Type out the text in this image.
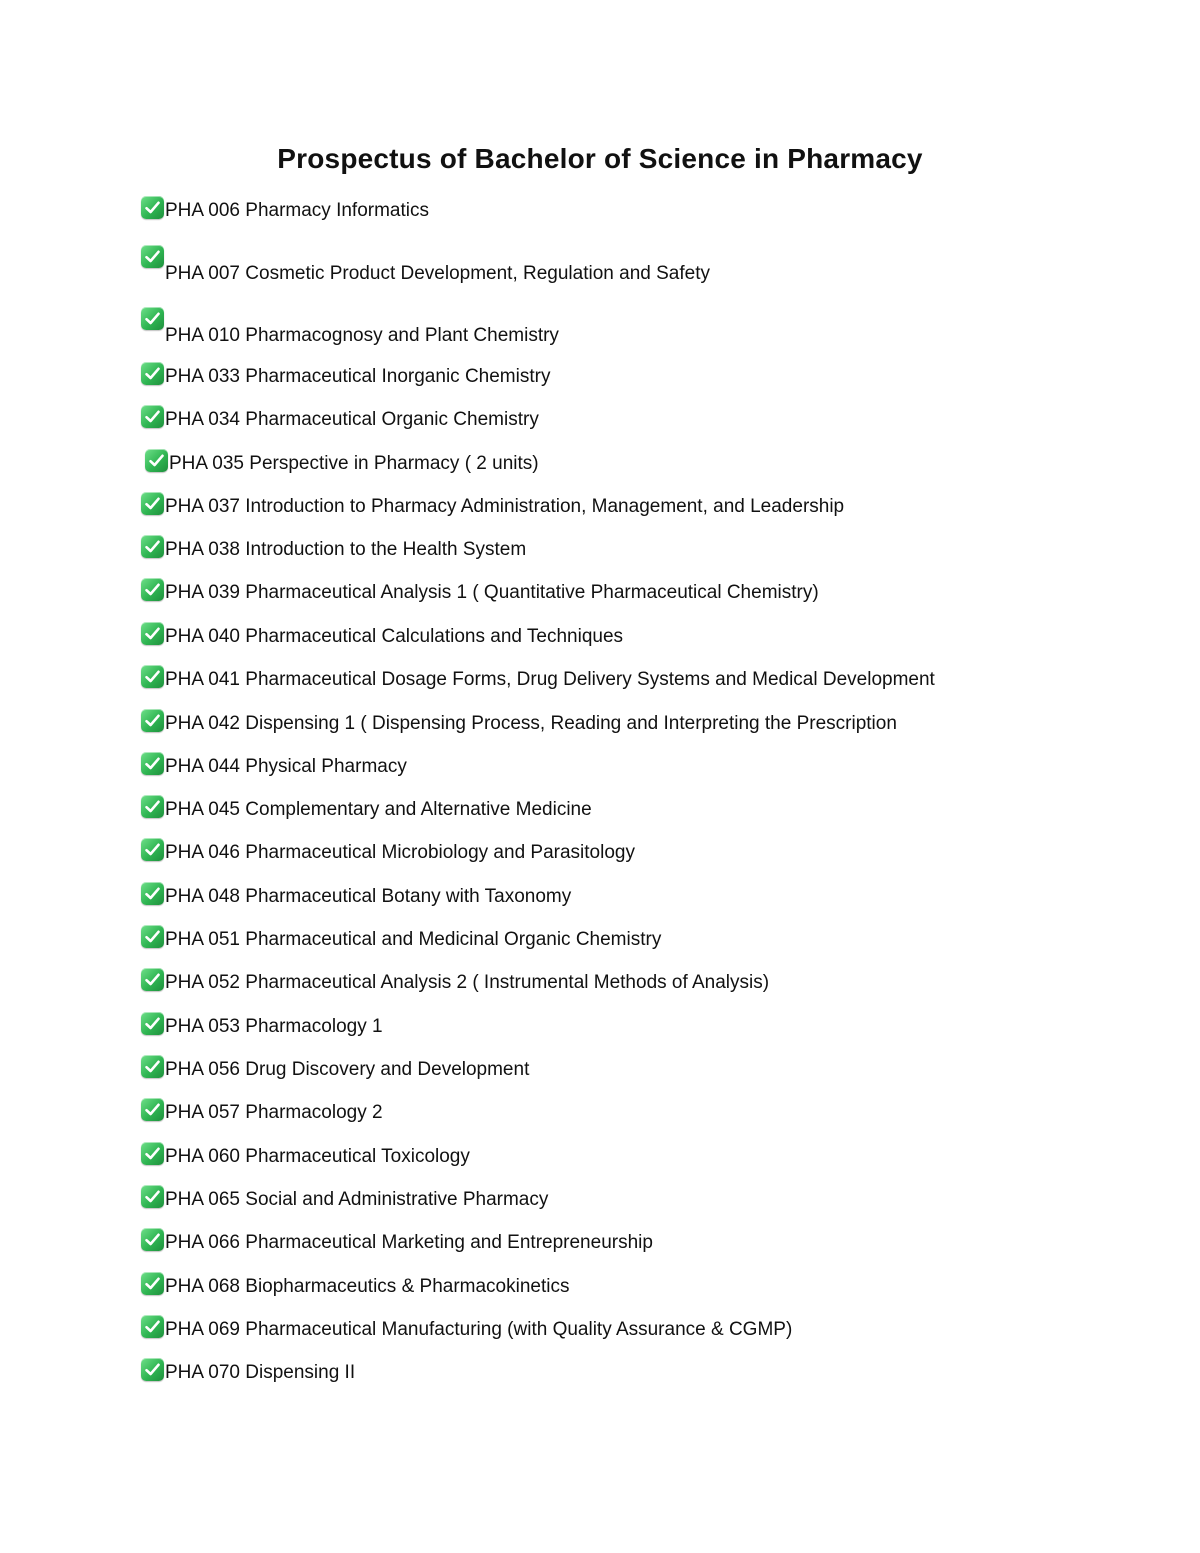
Prospectus of Bachelor of Science in Pharmacy
PHA 006 Pharmacy Informatics
PHA 007 Cosmetic Product Development, Regulation and Safety
PHA 010 Pharmacognosy and Plant Chemistry
PHA 033 Pharmaceutical Inorganic Chemistry
PHA 034 Pharmaceutical Organic Chemistry
PHA 035 Perspective in Pharmacy ( 2 units)
PHA 037 Introduction to Pharmacy Administration, Management, and Leadership
PHA 038 Introduction to the Health System
PHA 039 Pharmaceutical Analysis 1 ( Quantitative Pharmaceutical Chemistry)
PHA 040 Pharmaceutical Calculations and Techniques
PHA 041 Pharmaceutical Dosage Forms, Drug Delivery Systems and Medical Development
PHA 042 Dispensing 1 ( Dispensing Process, Reading and Interpreting the Prescription
PHA 044 Physical Pharmacy
PHA 045 Complementary and Alternative Medicine
PHA 046 Pharmaceutical Microbiology and Parasitology
PHA 048 Pharmaceutical Botany with Taxonomy
PHA 051 Pharmaceutical and Medicinal Organic Chemistry
PHA 052 Pharmaceutical Analysis 2 ( Instrumental Methods of Analysis)
PHA 053 Pharmacology 1
PHA 056 Drug Discovery and Development
PHA 057 Pharmacology 2
PHA 060 Pharmaceutical Toxicology
PHA 065 Social and Administrative Pharmacy
PHA 066 Pharmaceutical Marketing and Entrepreneurship
PHA 068 Biopharmaceutics & Pharmacokinetics
PHA 069 Pharmaceutical Manufacturing (with Quality Assurance & CGMP)
PHA 070 Dispensing II
